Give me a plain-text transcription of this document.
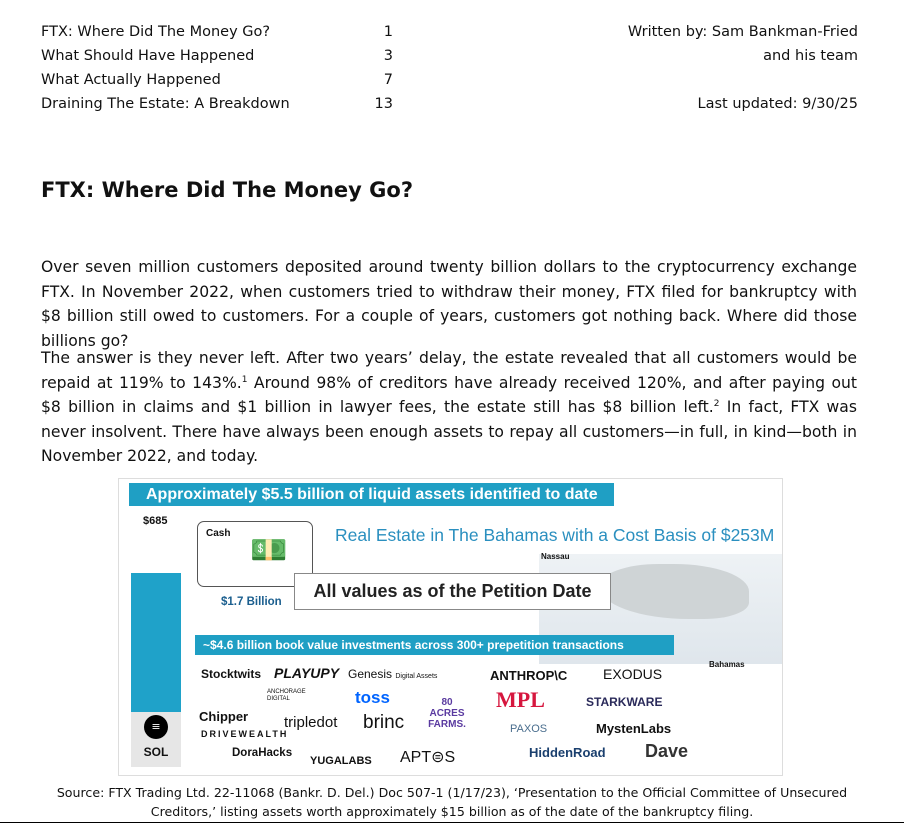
FTX: Where Did The Money Go?	1
What Should Have Happened	3
What Actually Happened	7
Draining The Estate: A Breakdown	13
Written by: Sam Bankman-Fried
and his team
Last updated: 9/30/25
FTX: Where Did The Money Go?

Over seven million customers deposited around twenty billion dollars to the cryptocurrency exchange FTX. In November 2022, when customers tried to withdraw their money, FTX filed for bankruptcy with $8 billion still owed to customers. For a couple of years, customers got nothing back. Where did those billions go?

The answer is they never left. After two years’ delay, the estate revealed that all customers would be repaid at 119% to 143%.$^1$ Around 98% of creditors have already received 120%, and after paying out $8 billion in claims and $1 billion in lawyer fees, the estate still has $8 billion left.$^2$ In fact, FTX was never insolvent. There have always been enough assets to repay all customers—in full, in kind—both in November 2022, and today.

Approximately $5.5 billion of liquid assets identified to date
$685
≡
SOL
Cash 💵
$1.7 Billion
Real Estate in The Bahamas with a Cost Basis of $253M
Nassau
Bahamas
All values as of the Petition Date
~$4.6 billion book value investments across 300+ prepetition transactions
Stocktwits PLAYUPY Genesis Digital Assets	ANTHROP\C	EXODUS
ANCHORAGE DIGITAL	toss	80 ACRES FARMS.
MPL	STARKWARE
Chipper tripledot brinc	PAXOS	MystenLabs
DRIVEWEALTH
DoraHacks
YUGALABS APT⊜S	HiddenRoad Dave
Source: FTX Trading Ltd. 22-11068 (Bankr. D. Del.) Doc 507-1 (1/17/23), ‘Presentation to the Official Committee of Unsecured Creditors,’ listing assets worth approximately $15 billion as of the date of the bankruptcy filing.
